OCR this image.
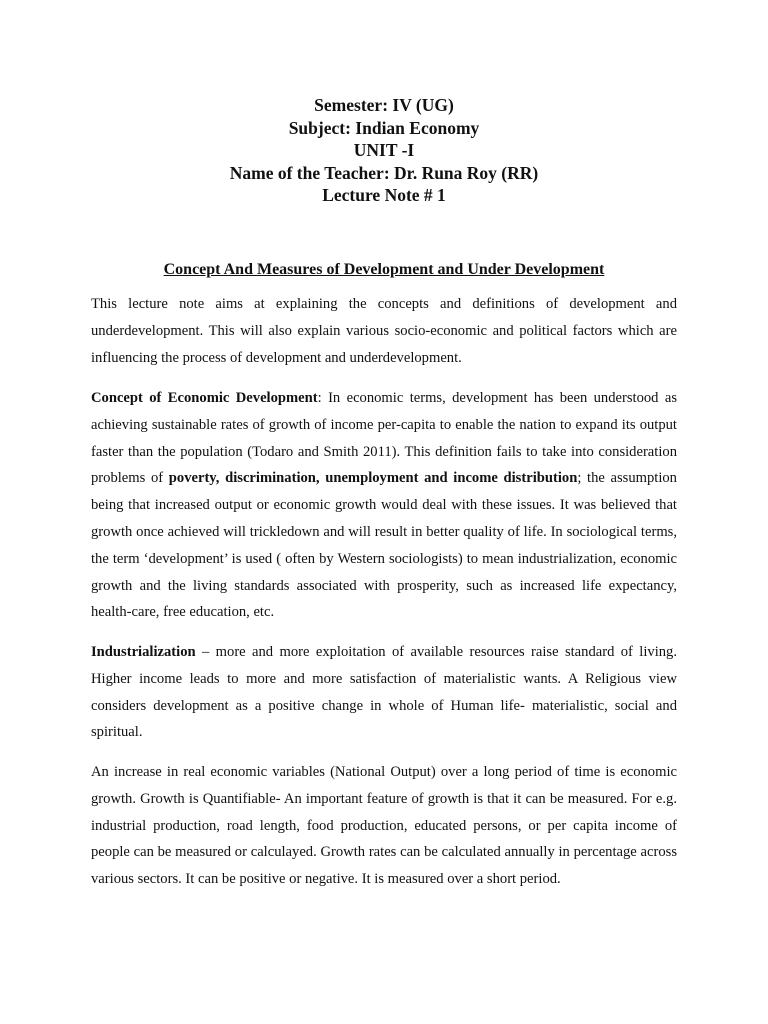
Semester: IV (UG)
Subject: Indian Economy
UNIT -I
Name of the Teacher: Dr. Runa Roy (RR)
Lecture Note # 1
Concept And Measures of Development and Under Development
This lecture note aims at explaining the concepts and definitions of development and underdevelopment. This will also explain various socio-economic and political factors which are influencing the process of development and underdevelopment.
Concept of Economic Development: In economic terms, development has been understood as achieving sustainable rates of growth of income per-capita to enable the nation to expand its output faster than the population (Todaro and Smith 2011). This definition fails to take into consideration problems of poverty, discrimination, unemployment and income distribution; the assumption being that increased output or economic growth would deal with these issues. It was believed that growth once achieved will trickledown and will result in better quality of life. In sociological terms, the term ‘development’ is used ( often by Western sociologists) to mean industrialization, economic growth and the living standards associated with prosperity, such as increased life expectancy, health-care, free education, etc.
Industrialization – more and more exploitation of available resources raise standard of living. Higher income leads to more and more satisfaction of materialistic wants. A Religious view considers development as a positive change in whole of Human life- materialistic, social and spiritual.
An increase in real economic variables (National Output) over a long period of time is economic growth. Growth is Quantifiable- An important feature of growth is that it can be measured. For e.g. industrial production, road length, food production, educated persons, or per capita income of people can be measured or calculayed. Growth rates can be calculated annually in percentage across various sectors. It can be positive or negative. It is measured over a short period.
